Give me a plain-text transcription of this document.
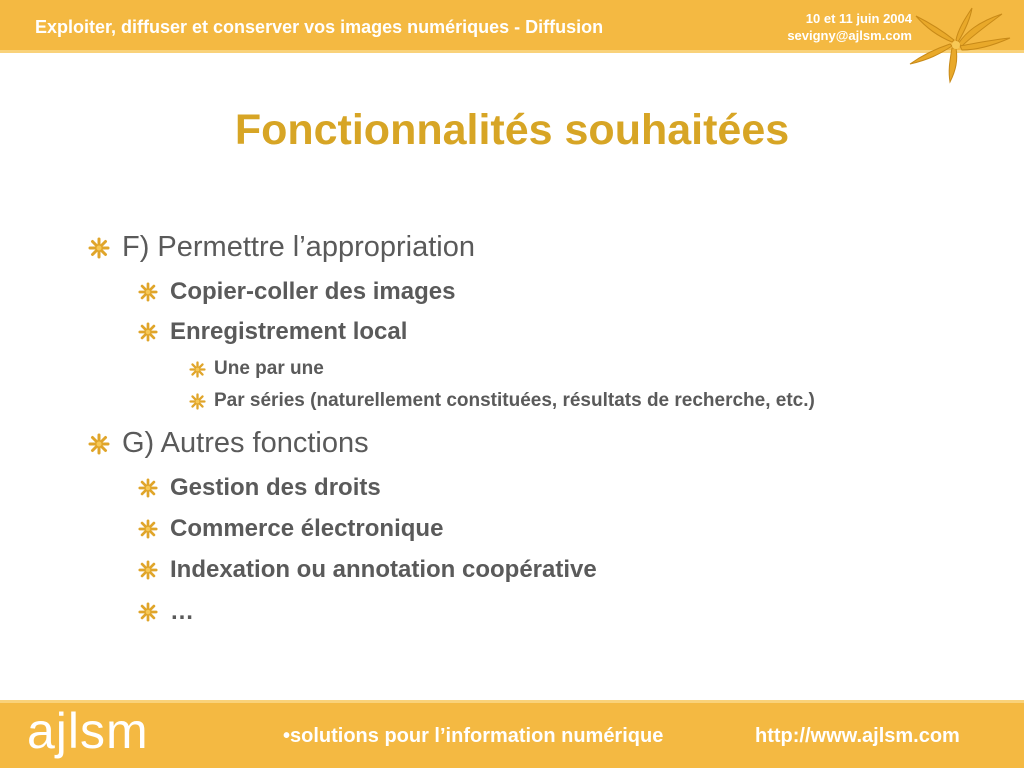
Exploiter, diffuser et conserver vos images numériques - Diffusion	10 et 11 juin 2004
sevigny@ajlsm.com
Fonctionnalités souhaitées
F) Permettre l’appropriation
Copier-coller des images
Enregistrement local
Une par une
Par séries (naturellement constituées, résultats de recherche, etc.)
G) Autres fonctions
Gestion des droits
Commerce électronique
Indexation ou annotation coopérative
…
ajlsm	•solutions pour l’information numérique	http://www.ajlsm.com
